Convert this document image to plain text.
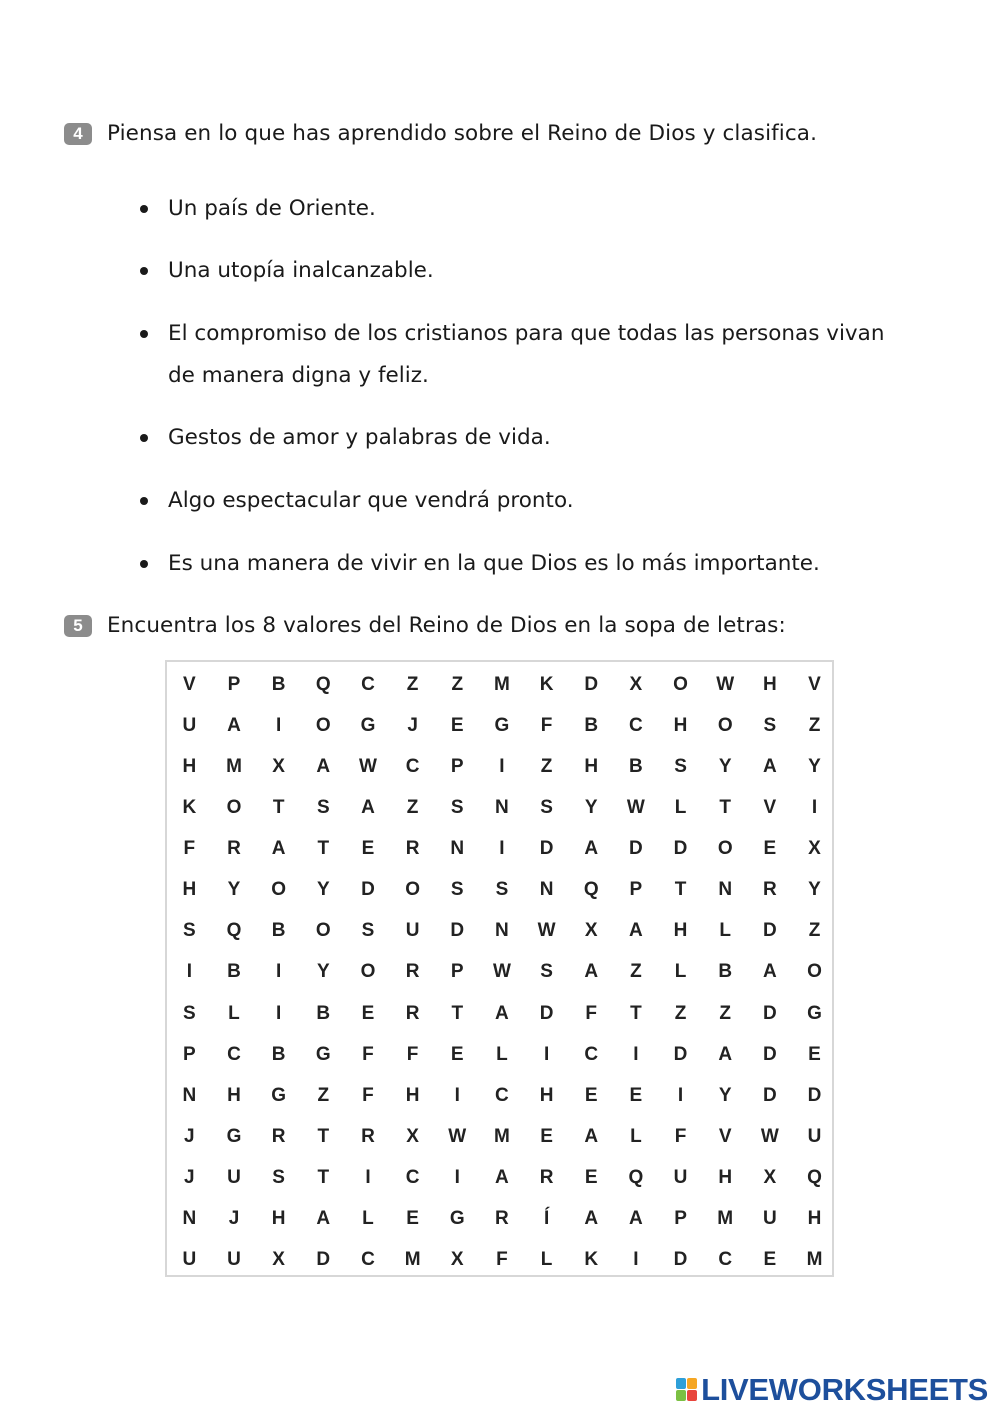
4	Piensa en lo que has aprendido sobre el Reino de Dios y clasifica.
Un país de Oriente.
Una utopía inalcanzable.
El compromiso de los cristianos para que todas las personas vivan de manera digna y feliz.
Gestos de amor y palabras de vida.
Algo espectacular que vendrá pronto.
Es una manera de vivir en la que Dios es lo más importante.
5	Encuentra los 8 valores del Reino de Dios en la sopa de letras:
V	P	B	Q	C	Z	Z	M	K	D	X	O	W	H	V
U	A	I	O	G	J	E	G	F	B	C	H	O	S	Z
H	M	X	A	W	C	P	I	Z	H	B	S	Y	A	Y
K	O	T	S	A	Z	S	N	S	Y	W	L	T	V	I
F	R	A	T	E	R	N	I	D	A	D	D	O	E	X
H	Y	O	Y	D	O	S	S	N	Q	P	T	N	R	Y
S	Q	B	O	S	U	D	N	W	X	A	H	L	D	Z
I	B	I	Y	O	R	P	W	S	A	Z	L	B	A	O
S	L	I	B	E	R	T	A	D	F	T	Z	Z	D	G
P	C	B	G	F	F	E	L	I	C	I	D	A	D	E
N	H	G	Z	F	H	I	C	H	E	E	I	Y	D	D
J	G	R	T	R	X	W	M	E	A	L	F	V	W	U
J	U	S	T	I	C	I	A	R	E	Q	U	H	X	Q
N	J	H	A	L	E	G	R	Í	A	A	P	M	U	H
U	U	X	D	C	M	X	F	L	K	I	D	C	E	M
LIVEWORKSHEETS
